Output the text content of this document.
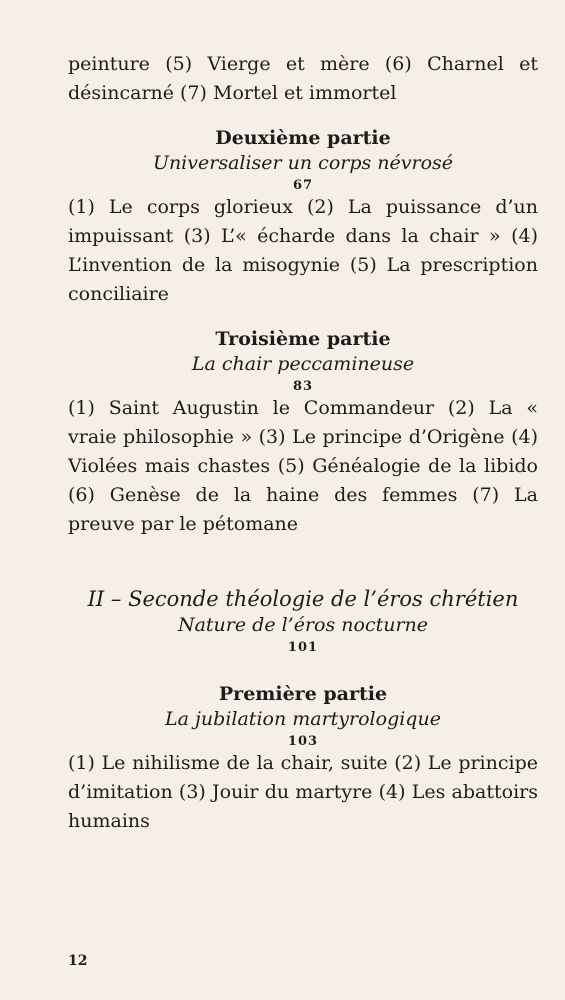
peinture (5) Vierge et mère (6) Charnel et désincarné (7) Mortel et immortel

Deuxième partie
Universaliser un corps névrosé
67

(1) Le corps glorieux (2) La puissance d’un impuissant (3) L’« écharde dans la chair » (4) L’invention de la misogynie (5) La prescription conciliaire

Troisième partie
La chair peccamineuse
83

(1) Saint Augustin le Commandeur (2) La « vraie philosophie » (3) Le principe d’Origène (4) Violées mais chastes (5) Généalogie de la libido (6) Genèse de la haine des femmes (7) La preuve par le pétomane

II – Seconde théologie de l’éros chrétien
Nature de l’éros nocturne
101
Première partie
La jubilation martyrologique
103

(1) Le nihilisme de la chair, suite (2) Le principe d’imitation (3) Jouir du martyre (4) Les abattoirs humains

12
